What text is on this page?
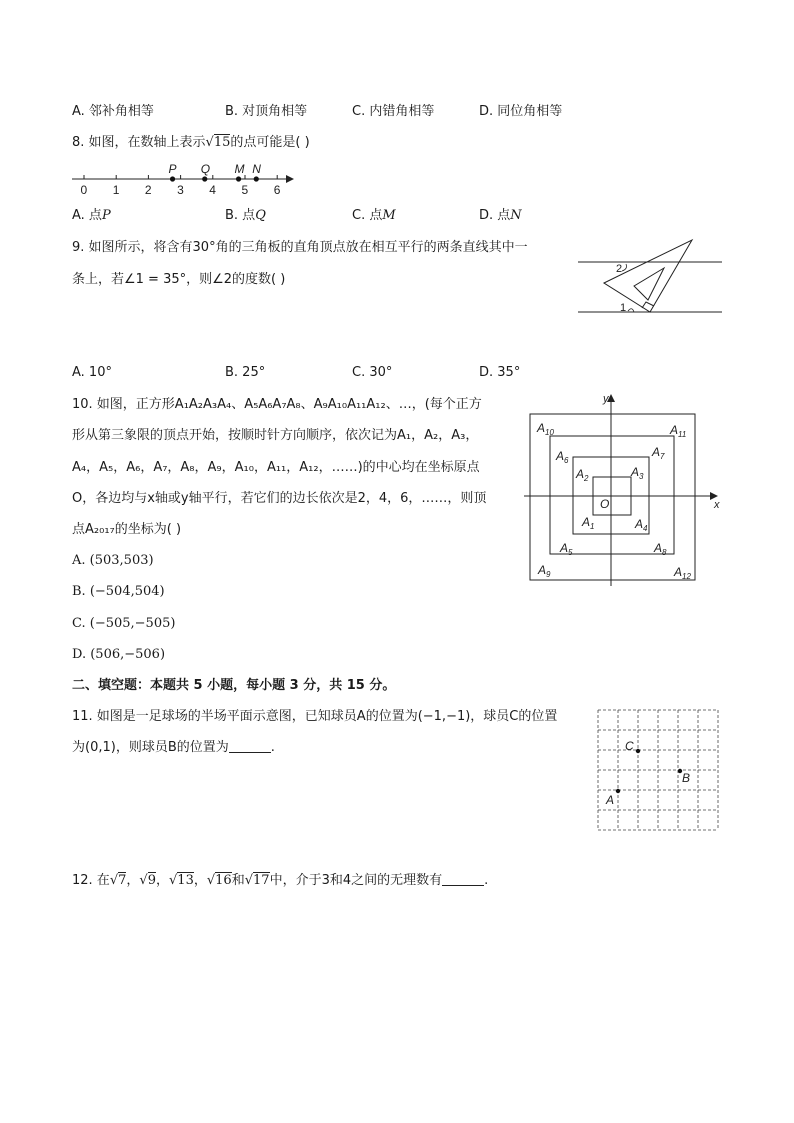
A. 邻补角相等	B. 对顶角相等	C. 内错角相等	D. 同位角相等
8. 如图，在数轴上表示√15的点可能是( )
0 1 2 3 4 5 6
P Q M N
A. 点P	B. 点Q	C. 点M	D. 点N
9. 如图所示，将含有30°角的三角板的直角顶点放在相互平行的两条直线其中一
条上，若∠1 = 35°，则∠2的度数( )
2
1
A. 10°	B. 25°	C. 30°	D. 35°
10. 如图，正方形A₁A₂A₃A₄、A₅A₆A₇A₈、A₉A₁₀A₁₁A₁₂、…，(每个正方
形从第三象限的顶点开始，按顺时针方向顺序，依次记为A₁，A₂，A₃，
A₄，A₅，A₆，A₇，A₈，A₉，A₁₀，A₁₁，A₁₂，……)的中心均在坐标原点
O，各边均与x轴或y轴平行，若它们的边长依次是2，4，6，……，则顶
点A₂₀₁₇的坐标为( )
x
y
O
$A_1$
$A_2$	$A_3$
$A_4$
$A_5$
$A_6$
$A_7$
$A_8$
$A_9$
$A_{10}$	$A_{11}$
$A_{12}$
A. (503,503)
B. (−504,504)
C. (−505,−505)
D. (506,−506)
二、填空题：本题共 5 小题，每小题 3 分，共 15 分。
11. 如图是一足球场的半场平面示意图，已知球员A的位置为(−1,−1)，球员C的位置
为(0,1)，则球员B的位置为	.	C
B
A
12. 在√7，√9，√13，√16和√17中，介于3和4之间的无理数有	.
